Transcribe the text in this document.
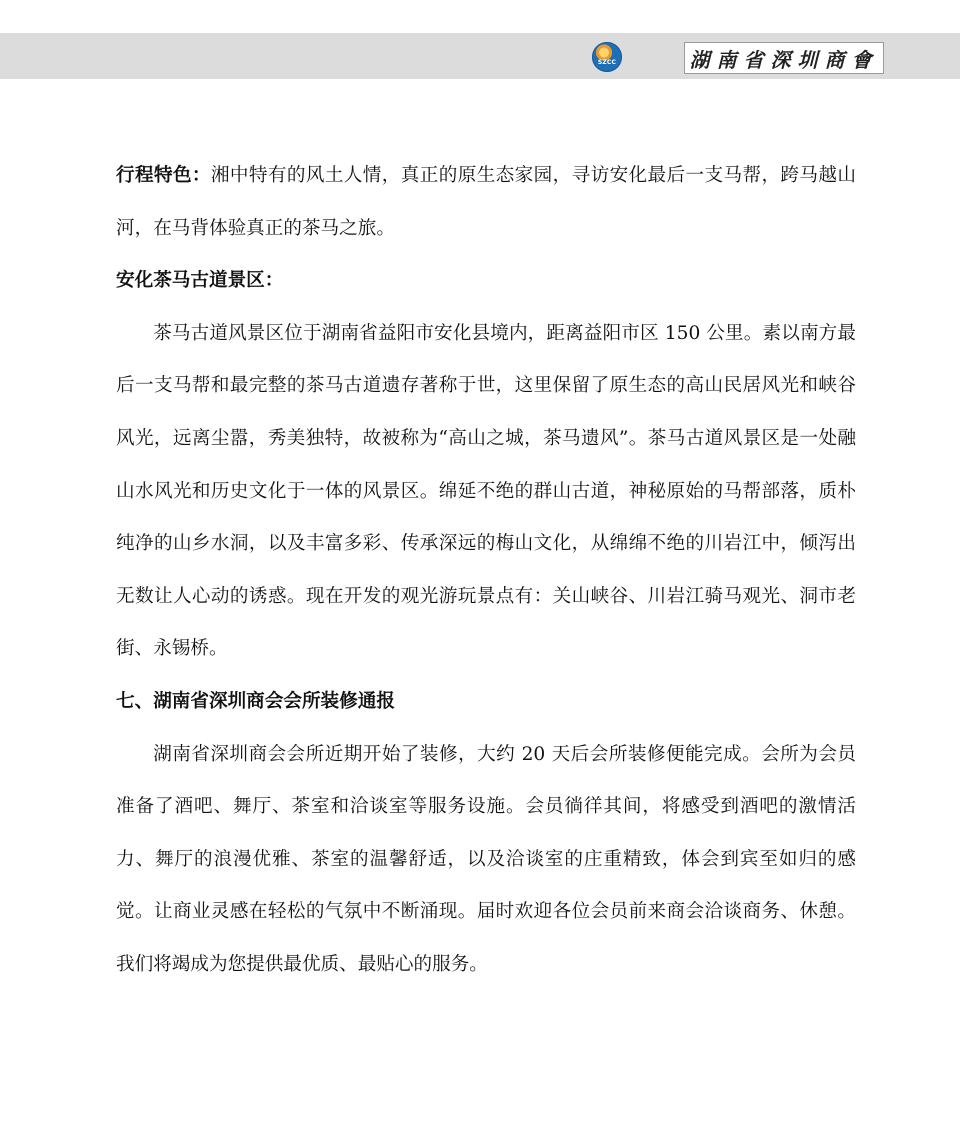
SZCC	湖南省深圳商會

行程特色：湘中特有的风土人情，真正的原生态家园，寻访安化最后一支马帮，跨马越山河，在马背体验真正的茶马之旅。

安化茶马古道景区：

茶马古道风景区位于湖南省益阳市安化县境内，距离益阳市区 150 公里。素以南方最后一支马帮和最完整的茶马古道遗存著称于世，这里保留了原生态的高山民居风光和峡谷风光，远离尘嚣，秀美独特，故被称为“高山之城，茶马遗风”。茶马古道风景区是一处融山水风光和历史文化于一体的风景区。绵延不绝的群山古道，神秘原始的马帮部落，质朴纯净的山乡水洞，以及丰富多彩、传承深远的梅山文化，从绵绵不绝的川岩江中，倾泻出无数让人心动的诱惑。现在开发的观光游玩景点有：关山峡谷、川岩江骑马观光、洞市老街、永锡桥。

七、湖南省深圳商会会所装修通报

湖南省深圳商会会所近期开始了装修，大约 20 天后会所装修便能完成。会所为会员准备了酒吧、舞厅、茶室和洽谈室等服务设施。会员徜徉其间，将感受到酒吧的激情活力、舞厅的浪漫优雅、茶室的温馨舒适，以及洽谈室的庄重精致，体会到宾至如归的感觉。让商业灵感在轻松的气氛中不断涌现。届时欢迎各位会员前来商会洽谈商务、休憩。我们将竭成为您提供最优质、最贴心的服务。
